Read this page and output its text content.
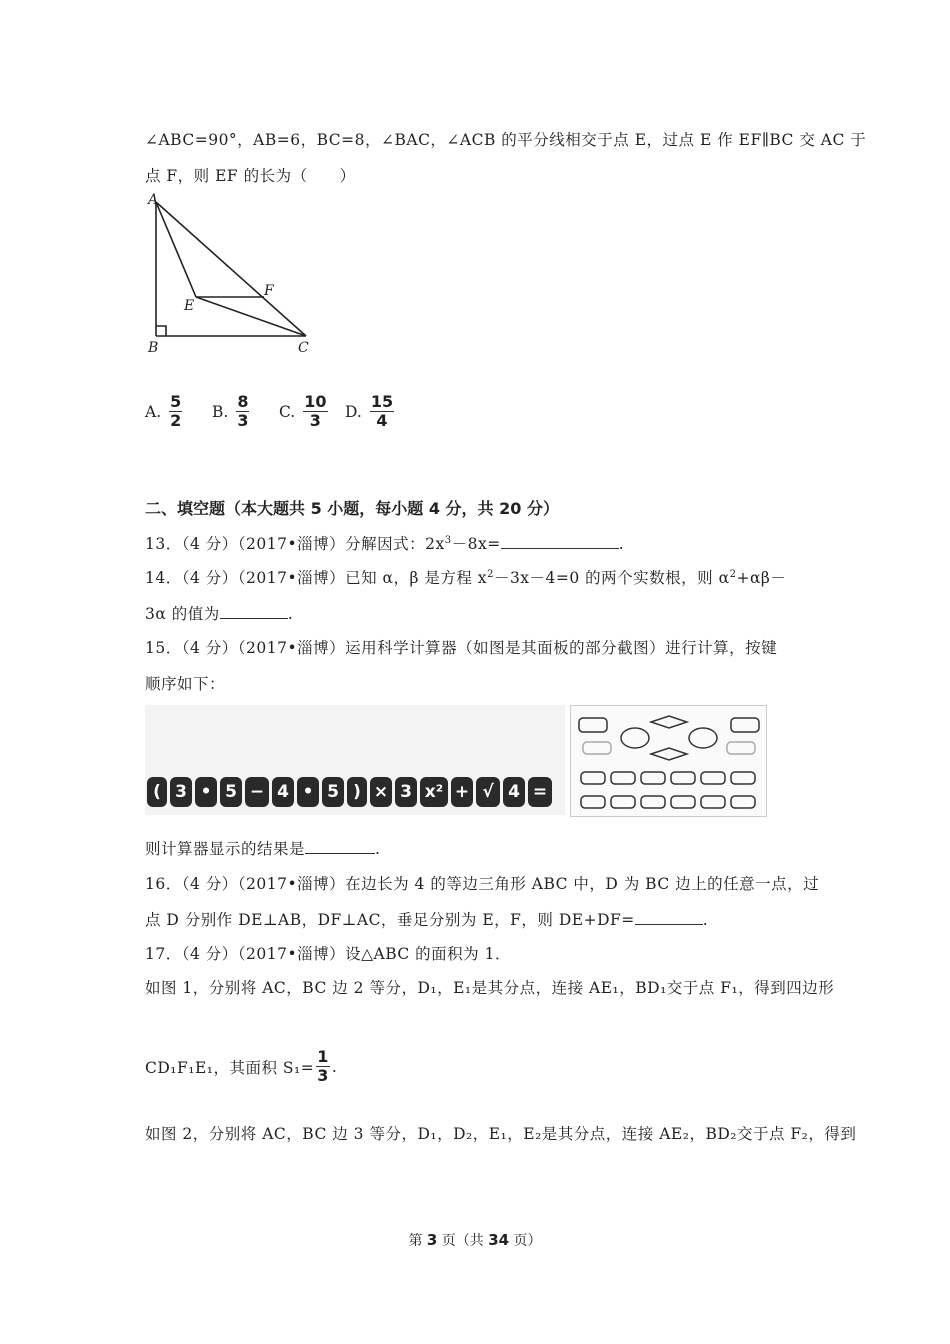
∠ABC=90°，AB=6，BC=8，∠BAC，∠ACB 的平分线相交于点 E，过点 E 作 EF∥BC 交 AC 于
点 F，则 EF 的长为（　　）
A
B	C
E
F
A. $\frac{5}{2} B$. $\frac{8}{3} C$. $\frac{10}{3} D$. $\frac{15}{4}$
二、填空题（本大题共 5 小题，每小题 4 分，共 20 分）
13．（4 分）（2017•淄博）分解因式：$2x^3-8x=$	.
14．（4 分）（2017•淄博）已知 α，β 是方程 $x^2-3x-4=0$ 的两个实数根，则 $\alpha^2+\alpha\beta-$
3α 的值为	.
15．（4 分）（2017•淄博）运用科学计算器（如图是其面板的部分截图）进行计算，按键
顺序如下：
( 3 • 5 − 4 • 5 ) × 3 x² + √ 4 =
则计算器显示的结果是	.
16．（4 分）（2017•淄博）在边长为 4 的等边三角形 ABC 中，D 为 BC 边上的任意一点，过
点 D 分别作 DE⊥AB，DF⊥AC，垂足分别为 E，F，则 DE+DF=	.
17．（4 分）（2017•淄博）设△ABC 的面积为 1．
如图 1，分别将 AC，BC 边 2 等分，D₁，E₁是其分点，连接 AE₁，BD₁交于点 F₁，得到四边形
CD₁F₁E₁，其面积 $S_1= \frac{1}{3}$ .
如图 2，分别将 AC，BC 边 3 等分，D₁，D₂，E₁，E₂是其分点，连接 AE₂，BD₂交于点 F₂，得到
第 3 页（共 34 页）
